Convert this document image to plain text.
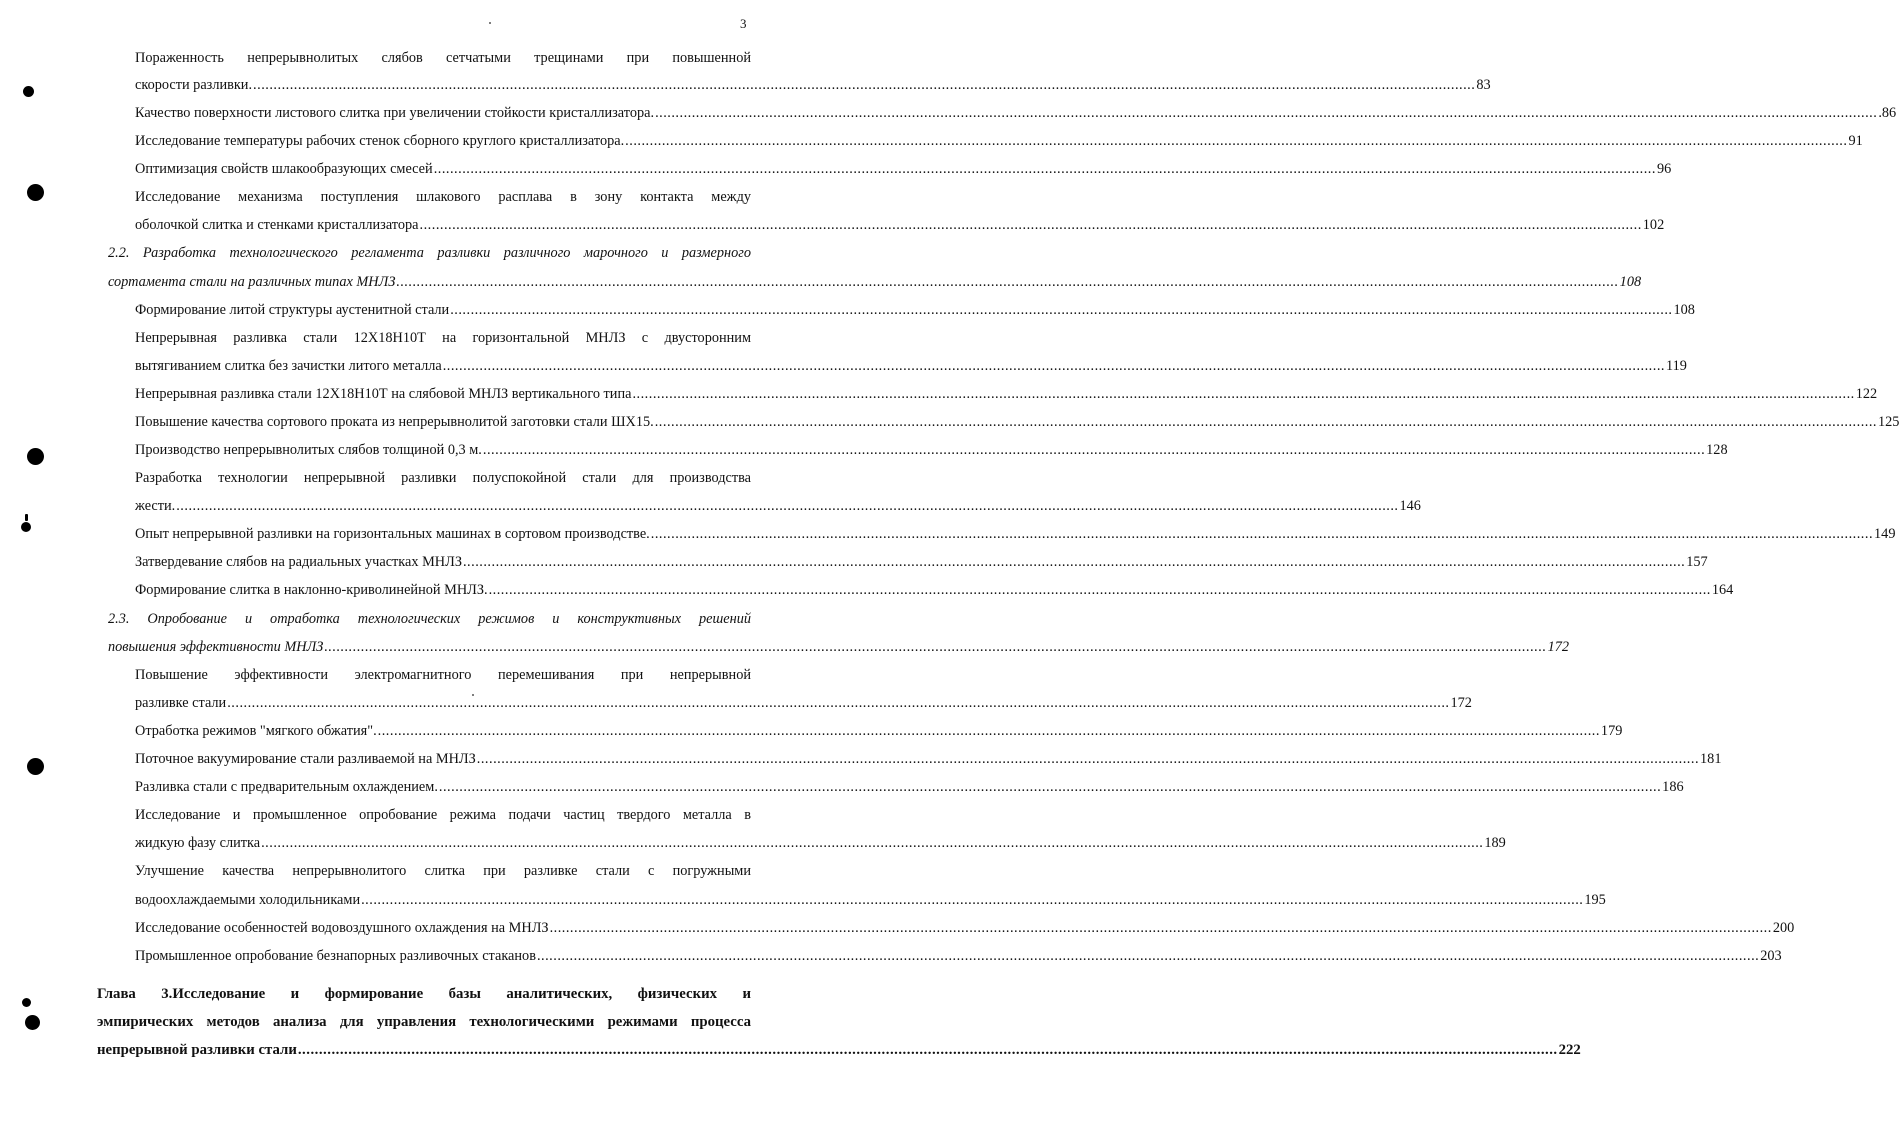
3
Пораженность непрерывнолитых слябов сетчатыми трещинами при повышенной
скорости разливки. ............................................................................................................................................................................................................................................................................................................ 83
Качество поверхности листового слитка при увеличении стойкости кристаллизатора. ............................................................................................................................................................................................................................................................................................................ .86
Исследование температуры рабочих стенок сборного круглого кристаллизатора. ............................................................................................................................................................................................................................................................................................................ 91
Оптимизация свойств шлакообразующих смесей ............................................................................................................................................................................................................................................................................................................ 96
Исследование механизма поступления шлакового расплава в зону контакта между
оболочкой слитка и стенками кристаллизатора ............................................................................................................................................................................................................................................................................................................ 102
2.2. Разработка технологического регламента разливки различного марочного и размерного
сортамента стали на различных типах МНЛЗ ............................................................................................................................................................................................................................................................................................................ 108
Формирование литой структуры аустенитной стали ............................................................................................................................................................................................................................................................................................................ 108
Непрерывная разливка стали 12Х18Н10Т на горизонтальной МНЛЗ с двусторонним
вытягиванием слитка без зачистки литого металла ............................................................................................................................................................................................................................................................................................................ 119
Непрерывная разливка стали 12Х18Н10Т на слябовой МНЛЗ вертикального типа ............................................................................................................................................................................................................................................................................................................ 122
Повышение качества сортового проката из непрерывнолитой заготовки стали ШХ15. ............................................................................................................................................................................................................................................................................................................ 125
Производство непрерывнолитых слябов толщиной 0,3 м. ............................................................................................................................................................................................................................................................................................................ 128
Разработка технологии непрерывной разливки полуспокойной стали для производства
жести. ............................................................................................................................................................................................................................................................................................................ 146
Опыт непрерывной разливки на горизонтальных машинах в сортовом производстве. ............................................................................................................................................................................................................................................................................................................ 149
Затвердевание слябов на радиальных участках МНЛЗ ............................................................................................................................................................................................................................................................................................................ 157
Формирование слитка в наклонно-криволинейной МНЛЗ. ............................................................................................................................................................................................................................................................................................................ 164
2.3. Опробование и отработка технологических режимов и конструктивных решений
повышения эффективности МНЛЗ ............................................................................................................................................................................................................................................................................................................ 172
Повышение эффективности электромагнитного перемешивания при непрерывной
разливке стали ............................................................................................................................................................................................................................................................................................................ 172
Отработка режимов "мягкого обжатия". ............................................................................................................................................................................................................................................................................................................ 179
Поточное вакуумирование стали разливаемой на МНЛЗ ............................................................................................................................................................................................................................................................................................................ 181
Разливка стали с предварительным охлаждением. ............................................................................................................................................................................................................................................................................................................ 186
Исследование и промышленное опробование режима подачи частиц твердого металла в
жидкую фазу слитка ............................................................................................................................................................................................................................................................................................................ 189
Улучшение качества непрерывнолитого слитка при разливке стали с погружными
водоохлаждаемыми холодильниками ............................................................................................................................................................................................................................................................................................................ 195
Исследование особенностей водовоздушного охлаждения на МНЛЗ ............................................................................................................................................................................................................................................................................................................ 200
Промышленное опробование безнапорных разливочных стаканов ............................................................................................................................................................................................................................................................................................................ 203
Глава 3.Исследование и формирование базы аналитических, физических и
эмпирических методов анализа для управления технологическими режимами процесса
непрерывной разливки стали ............................................................................................................................................................................................................................................................................................................ 222
